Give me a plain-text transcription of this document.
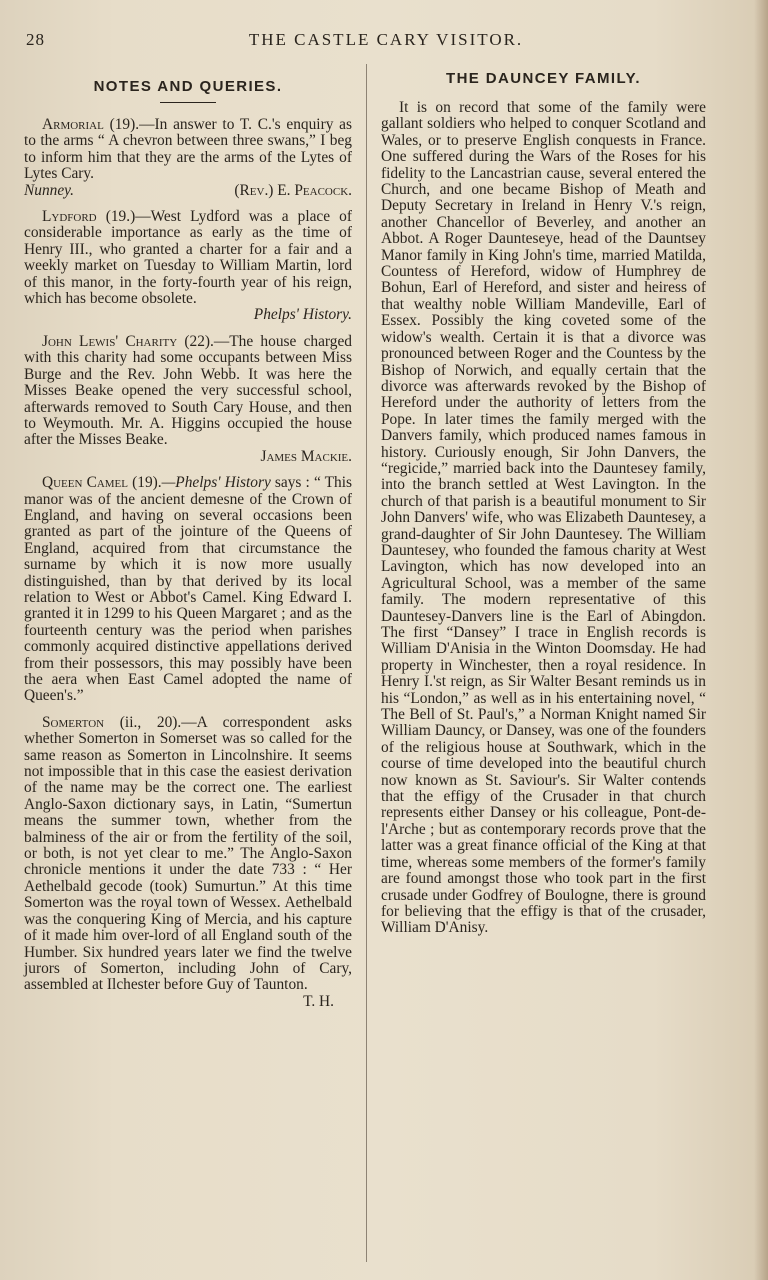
28	THE CASTLE CARY VISITOR.
NOTES AND QUERIES.

Armorial (19).—In answer to T. C.'s enquiry as to the arms “ A chevron between three swans,” I beg to inform him that they are the arms of the Lytes of Lytes Cary.

Nunney.	(Rev.) E. Peacock.

Lydford (19.)—West Lydford was a place of considerable importance as early as the time of Henry III., who granted a charter for a fair and a weekly market on Tuesday to William Martin, lord of this manor, in the forty-fourth year of his reign, which has become obsolete.

Phelps' History.

John Lewis' Charity (22).—The house charged with this charity had some occupants between Miss Burge and the Rev. John Webb. It was here the Misses Beake opened the very successful school, afterwards removed to South Cary House, and then to Weymouth. Mr. A. Higgins occupied the house after the Misses Beake.

James Mackie.

Queen Camel (19).—Phelps' History says : “ This manor was of the ancient demesne of the Crown of England, and having on several occasions been granted as part of the jointure of the Queens of England, acquired from that circumstance the surname by which it is now more usually distinguished, than by that derived by its local relation to West or Abbot's Camel. King Edward I. granted it in 1299 to his Queen Margaret ; and as the fourteenth century was the period when parishes commonly acquired distinctive appellations derived from their possessors, this may possibly have been the aera when East Camel adopted the name of Queen's.”

Somerton (ii., 20).—A correspondent asks whether Somerton in Somerset was so called for the same reason as Somerton in Lincolnshire. It seems not impossible that in this case the easiest derivation of the name may be the correct one. The earliest Anglo-Saxon dictionary says, in Latin, “Sumertun means the summer town, whether from the balminess of the air or from the fertility of the soil, or both, is not yet clear to me.” The Anglo-Saxon chronicle mentions it under the date 733 : “ Her Aethelbald gecode (took) Sumurtun.” At this time Somerton was the royal town of Wessex. Aethelbald was the conquering King of Mercia, and his capture of it made him over-lord of all England south of the Humber. Six hundred years later we find the twelve jurors of Somerton, including John of Cary, assembled at Ilchester before Guy of Taunton.

T. H.
THE DAUNCEY FAMILY.

It is on record that some of the family were gallant soldiers who helped to conquer Scotland and Wales, or to preserve English conquests in France. One suffered during the Wars of the Roses for his fidelity to the Lancastrian cause, several entered the Church, and one became Bishop of Meath and Deputy Secretary in Ireland in Henry V.'s reign, another Chancellor of Beverley, and another an Abbot. A Roger Daunteseye, head of the Dauntsey Manor family in King John's time, married Matilda, Countess of Hereford, widow of Humphrey de Bohun, Earl of Hereford, and sister and heiress of that wealthy noble William Mandeville, Earl of Essex. Possibly the king coveted some of the widow's wealth. Certain it is that a divorce was pronounced between Roger and the Countess by the Bishop of Norwich, and equally certain that the divorce was afterwards revoked by the Bishop of Hereford under the authority of letters from the Pope. In later times the family merged with the Danvers family, which produced names famous in history. Curiously enough, Sir John Danvers, the “regicide,” married back into the Dauntesey family, into the branch settled at West Lavington. In the church of that parish is a beautiful monument to Sir John Danvers' wife, who was Elizabeth Dauntesey, a grand-daughter of Sir John Dauntesey. The William Dauntesey, who founded the famous charity at West Lavington, which has now developed into an Agricultural School, was a member of the same family. The modern representative of this Dauntesey-Danvers line is the Earl of Abingdon. The first “Dansey” I trace in English records is William D'Anisia in the Winton Doomsday. He had property in Winchester, then a royal residence. In Henry I.'st reign, as Sir Walter Besant reminds us in his “London,” as well as in his entertaining novel, “ The Bell of St. Paul's,” a Norman Knight named Sir William Dauncy, or Dansey, was one of the founders of the religious house at Southwark, which in the course of time developed into the beautiful church now known as St. Saviour's. Sir Walter contends that the effigy of the Crusader in that church represents either Dansey or his colleague, Pont-de-l'Arche ; but as contemporary records prove that the latter was a great finance official of the King at that time, whereas some members of the former's family are found amongst those who took part in the first crusade under Godfrey of Boulogne, there is ground for believing that the effigy is that of the crusader, William D'Anisy.
